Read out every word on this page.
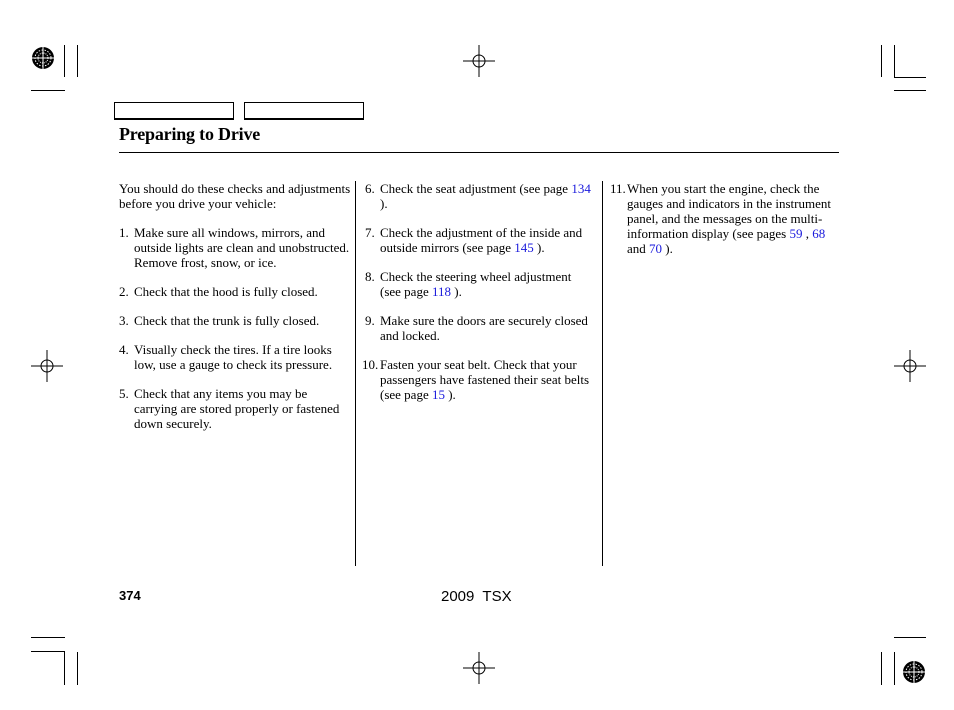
Preparing to Drive

You should do these checks and adjustments before you drive your vehicle:

1. Make sure all windows, mirrors, and outside lights are clean and unobstructed. Remove frost, snow, or ice.
2. Check that the hood is fully closed.
3. Check that the trunk is fully closed.
4. Visually check the tires. If a tire looks low, use a gauge to check its pressure.
5. Check that any items you may be carrying are stored properly or fastened down securely.
6. Check the seat adjustment (see page 134 ).
7. Check the adjustment of the inside and outside mirrors (see page 145 ).
8. Check the steering wheel adjustment (see page 118 ).
9. Make sure the doors are securely closed and locked.
10. Fasten your seat belt. Check that your passengers have fastened their seat belts (see page 15 ).
11. When you start the engine, check the gauges and indicators in the instrument panel, and the messages on the multi-information display (see pages 59 , 68 and 70 ).
374	2009  TSX
